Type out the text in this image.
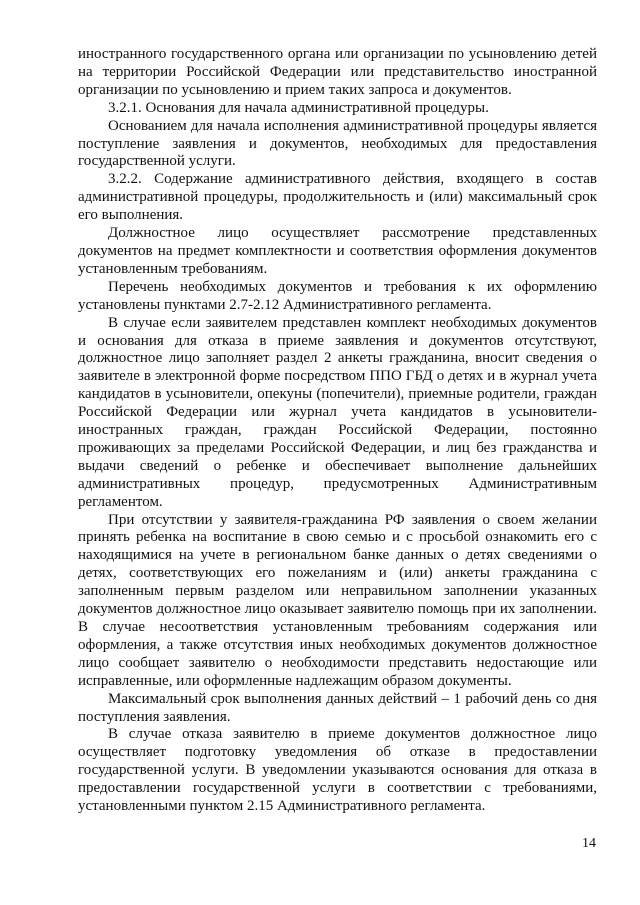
иностранного государственного органа или организации по усыновлению детей на территории Российской Федерации или представительство иностранной организации по усыновлению и прием таких запроса и документов.

3.2.1. Основания для начала административной процедуры.

Основанием для начала исполнения административной процедуры является поступление заявления и документов, необходимых для предоставления государственной услуги.

3.2.2. Содержание административного действия, входящего в состав административной процедуры, продолжительность и (или) максимальный срок его выполнения.

Должностное лицо осуществляет рассмотрение представленных документов на предмет комплектности и соответствия оформления документов установленным требованиям.

Перечень необходимых документов и требования к их оформлению установлены пунктами 2.7-2.12 Административного регламента.

В случае если заявителем представлен комплект необходимых документов и основания для отказа в приеме заявления и документов отсутствуют, должностное лицо заполняет раздел 2 анкеты гражданина, вносит сведения о заявителе в электронной форме посредством ППО ГБД о детях и в журнал учета кандидатов в усыновители, опекуны (попечители), приемные родители, граждан Российской Федерации или журнал учета кандидатов в усыновители-иностранных граждан, граждан Российской Федерации, постоянно проживающих за пределами Российской Федерации, и лиц без гражданства и выдачи сведений о ребенке и обеспечивает выполнение дальнейших административных процедур, предусмотренных Административным регламентом.

При отсутствии у заявителя-гражданина РФ заявления о своем желании принять ребенка на воспитание в свою семью и с просьбой ознакомить его с находящимися на учете в региональном банке данных о детях сведениями о детях, соответствующих его пожеланиям и (или) анкеты гражданина с заполненным первым разделом или неправильном заполнении указанных документов должностное лицо оказывает заявителю помощь при их заполнении. В случае несоответствия установленным требованиям содержания или оформления, а также отсутствия иных необходимых документов должностное лицо сообщает заявителю о необходимости представить недостающие или исправленные, или оформленные надлежащим образом документы.

Максимальный срок выполнения данных действий – 1 рабочий день со дня поступления заявления.

В случае отказа заявителю в приеме документов должностное лицо осуществляет подготовку уведомления об отказе в предоставлении государственной услуги. В уведомлении указываются основания для отказа в предоставлении государственной услуги в соответствии с требованиями, установленными пунктом 2.15 Административного регламента.

14
